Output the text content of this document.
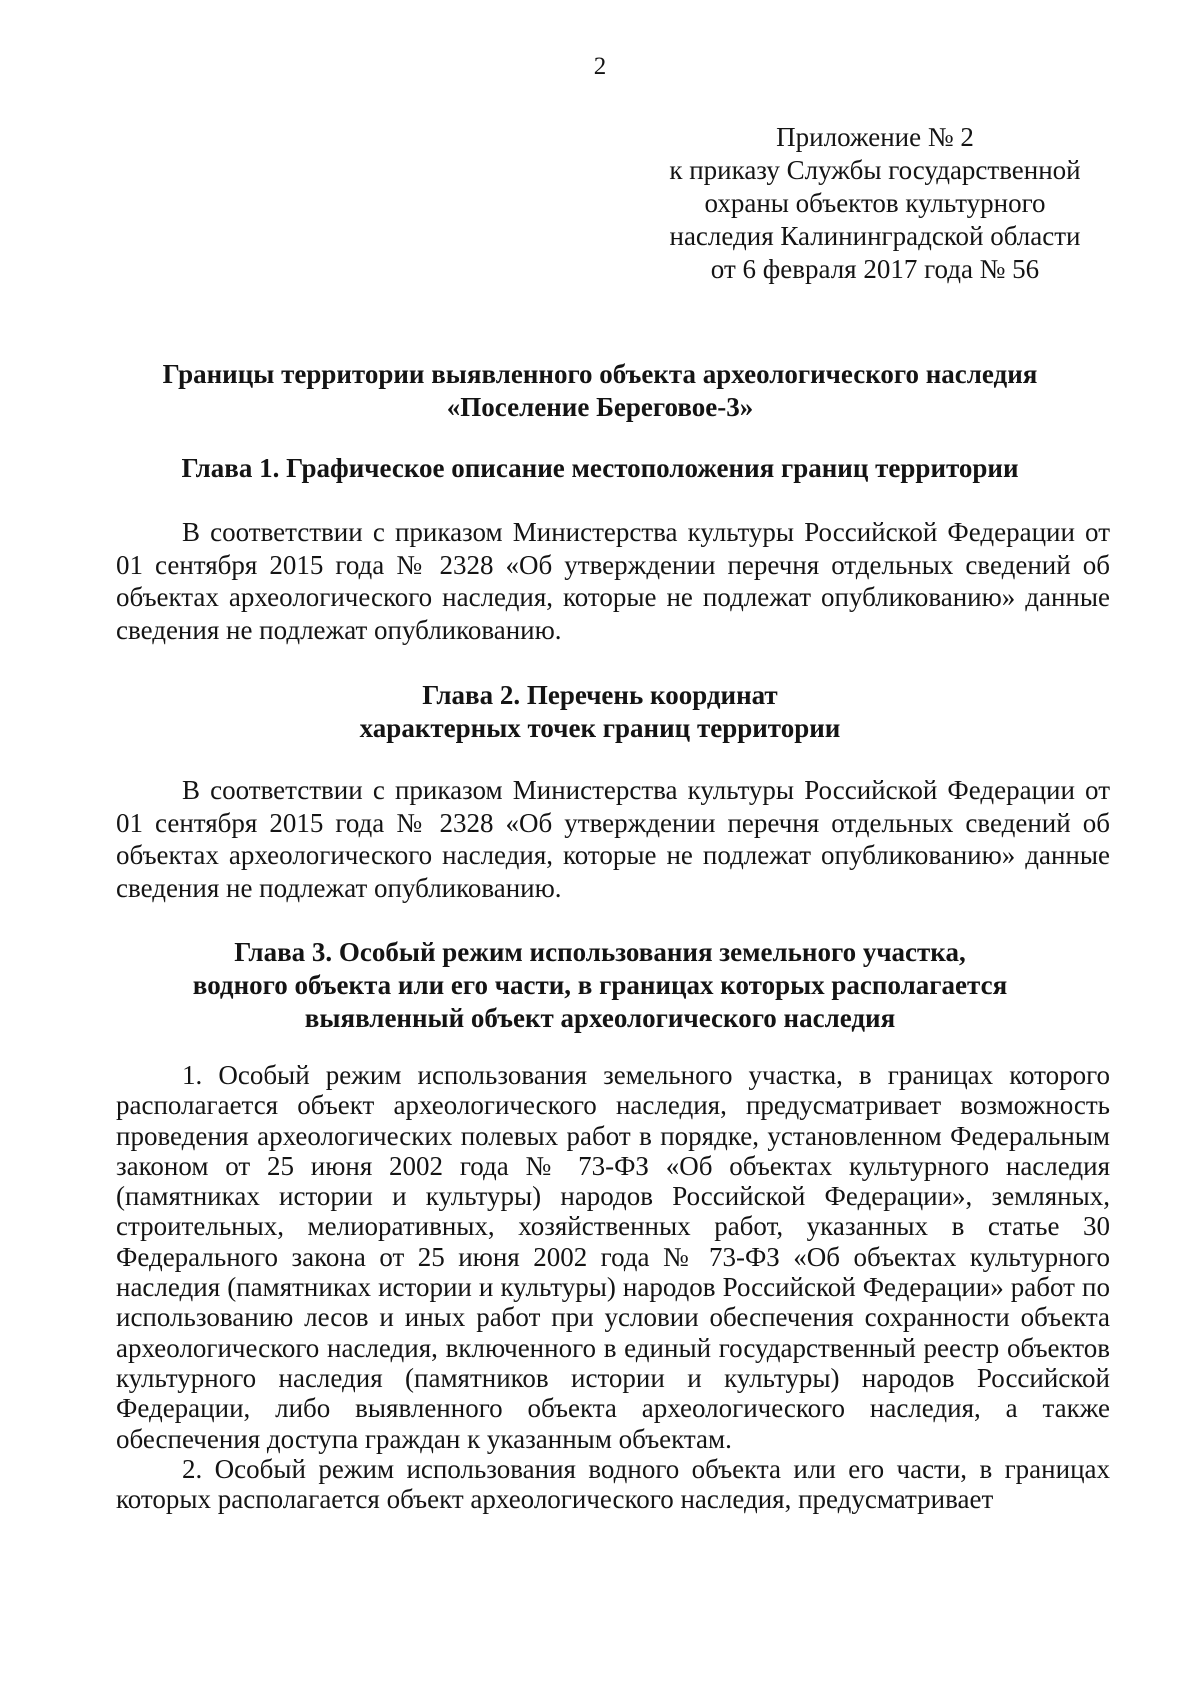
2
Приложение № 2
к приказу Службы государственной
охраны объектов культурного
наследия Калининградской области
от 6 февраля 2017 года № 56
Границы территории выявленного объекта археологического наследия
«Поселение Береговое-3»
Глава 1. Графическое описание местоположения границ территории

В соответствии с приказом Министерства культуры Российской Федерации от 01 сентября 2015 года № 2328 «Об утверждении перечня отдельных сведений об объектах археологического наследия, которые не подлежат опубликованию» данные сведения не подлежат опубликованию.

Глава 2. Перечень координат
характерных точек границ территории

В соответствии с приказом Министерства культуры Российской Федерации от 01 сентября 2015 года № 2328 «Об утверждении перечня отдельных сведений об объектах археологического наследия, которые не подлежат опубликованию» данные сведения не подлежат опубликованию.

Глава 3. Особый режим использования земельного участка,
водного объекта или его части, в границах которых располагается
выявленный объект археологического наследия

1. Особый режим использования земельного участка, в границах которого располагается объект археологического наследия, предусматривает возможность проведения археологических полевых работ в порядке, установленном Федеральным законом от 25 июня 2002 года № 73-ФЗ «Об объектах культурного наследия (памятниках истории и культуры) народов Российской Федерации», земляных, строительных, мелиоративных, хозяйственных работ, указанных в статье 30 Федерального закона от 25 июня 2002 года № 73-ФЗ «Об объектах культурного наследия (памятниках истории и культуры) народов Российской Федерации» работ по использованию лесов и иных работ при условии обеспечения сохранности объекта археологического наследия, включенного в единый государственный реестр объектов культурного наследия (памятников истории и культуры) народов Российской Федерации, либо выявленного объекта археологического наследия, а также обеспечения доступа граждан к указанным объектам.

2. Особый режим использования водного объекта или его части, в границах которых располагается объект археологического наследия, предусматривает
